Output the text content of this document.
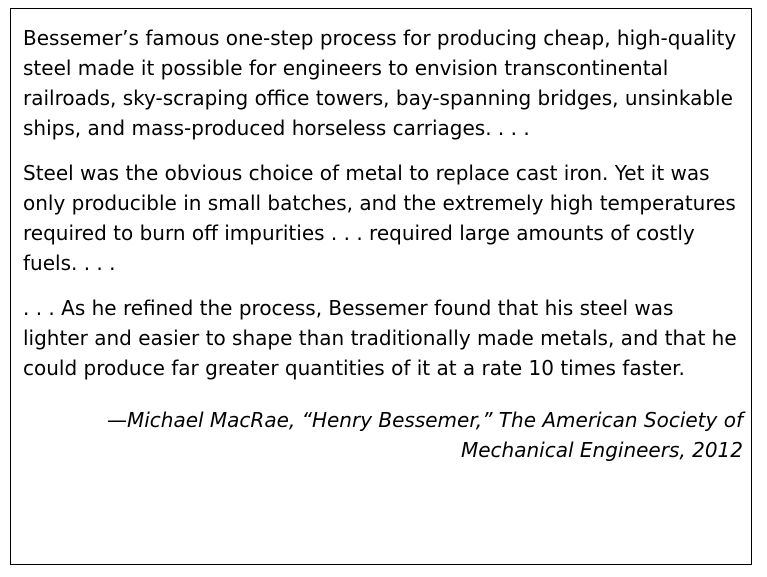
Bessemer’s famous one-step process for producing cheap, high-quality steel made it possible for engineers to envision transcontinental railroads, sky-scraping office towers, bay-spanning bridges, unsinkable ships, and mass-produced horseless carriages. . . .

Steel was the obvious choice of metal to replace cast iron. Yet it was only producible in small batches, and the extremely high temperatures required to burn off impurities . . . required large amounts of costly fuels. . . .

. . . As he refined the process, Bessemer found that his steel was lighter and easier to shape than traditionally made metals, and that he could produce far greater quantities of it at a rate 10 times faster.

—Michael MacRae, “Henry Bessemer,” The American Society of
Mechanical Engineers, 2012
